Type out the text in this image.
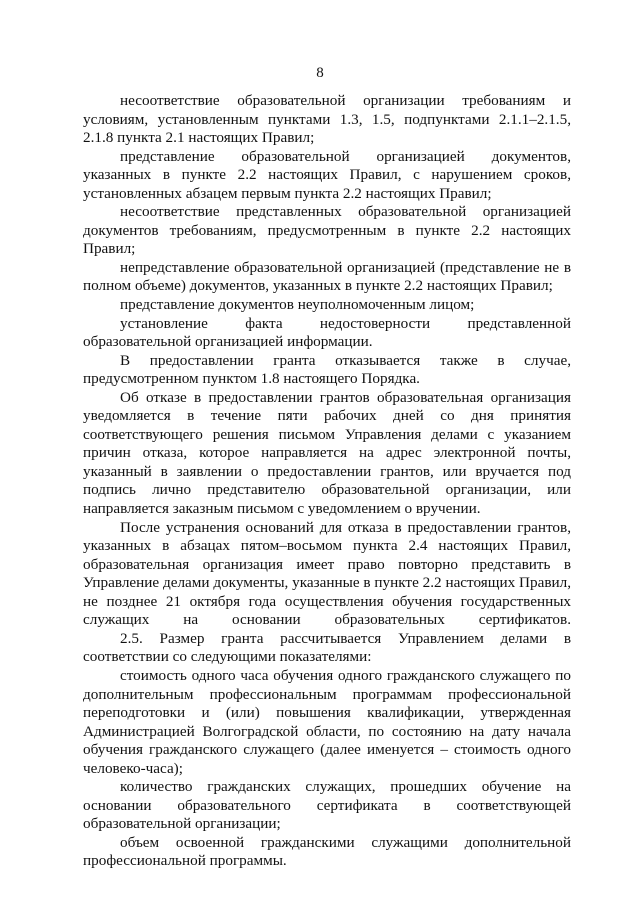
8

несоответствие образовательной организации требованиям и условиям, установленным пунктами 1.3, 1.5, подпунктами 2.1.1–2.1.5, 2.1.8 пункта 2.1 настоящих Правил;

представление образовательной организацией документов, указанных в пункте 2.2 настоящих Правил, с нарушением сроков, установленных абзацем первым пункта 2.2 настоящих Правил;

несоответствие представленных образовательной организацией документов требованиям, предусмотренным в пункте 2.2 настоящих Правил;

непредставление образовательной организацией (представление не в полном объеме) документов, указанных в пункте 2.2 настоящих Правил;

представление документов неуполномоченным лицом;

установление факта недостоверности представленной образовательной организацией информации.

В предоставлении гранта отказывается также в случае, предусмотренном пунктом 1.8 настоящего Порядка.

Об отказе в предоставлении грантов образовательная организация уведомляется в течение пяти рабочих дней со дня принятия соответствующего решения письмом Управления делами с указанием причин отказа, которое направляется на адрес электронной почты, указанный в заявлении о предоставлении грантов, или вручается под подпись лично представителю образовательной организации, или направляется заказным письмом с уведомлением о вручении.

После устранения оснований для отказа в предоставлении грантов, указанных в абзацах пятом–восьмом пункта 2.4 настоящих Правил, образовательная организация имеет право повторно представить в Управление делами документы, указанные в пункте 2.2 настоящих Правил, не позднее 21 октября года осуществления обучения государственных служащих на основании образовательных сертификатов.

2.5. Размер гранта рассчитывается Управлением делами в соответствии со следующими показателями:

стоимость одного часа обучения одного гражданского служащего по дополнительным профессиональным программам профессиональной переподготовки и (или) повышения квалификации, утвержденная Администрацией Волгоградской области, по состоянию на дату начала обучения гражданского служащего (далее именуется – стоимость одного человеко-часа);

количество гражданских служащих, прошедших обучение на основании образовательного сертификата в соответствующей образовательной организации;

объем освоенной гражданскими служащими дополнительной профессиональной программы.
